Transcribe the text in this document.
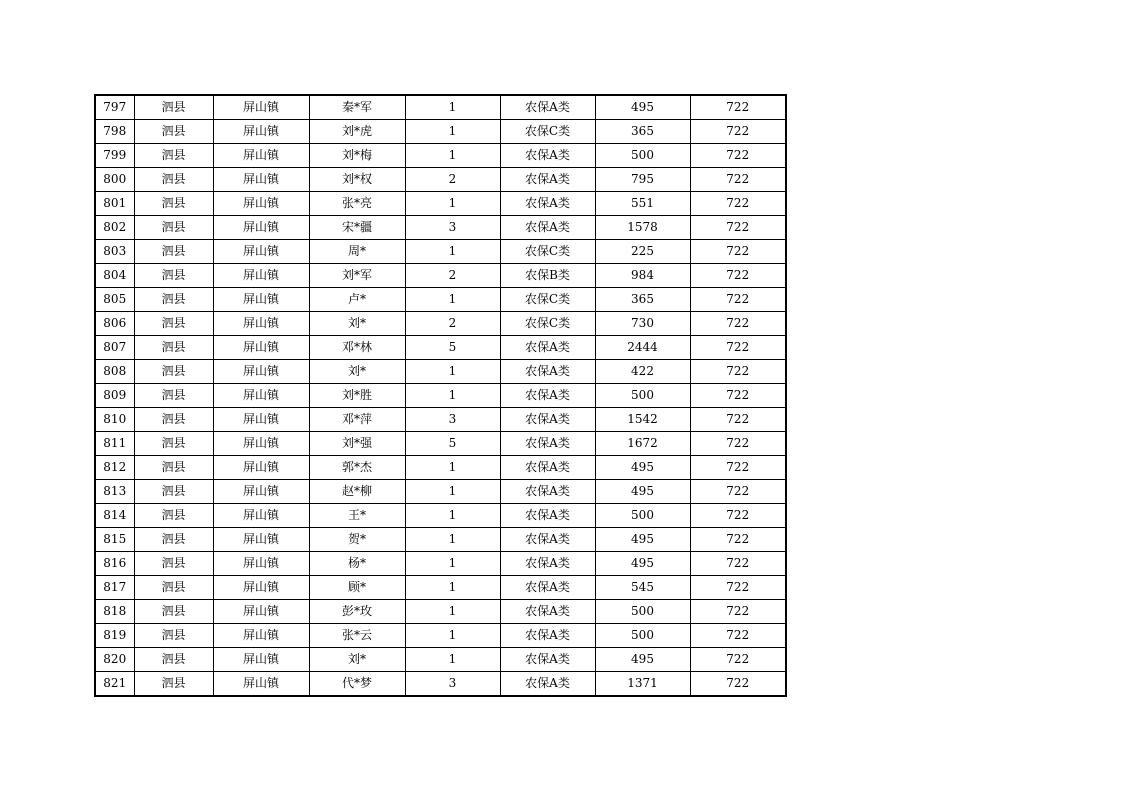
797	泗县	屏山镇	秦*军	1	农保A类	495	722
798	泗县	屏山镇	刘*虎	1	农保C类	365	722
799	泗县	屏山镇	刘*梅	1	农保A类	500	722
800	泗县	屏山镇	刘*权	2	农保A类	795	722
801	泗县	屏山镇	张*亮	1	农保A类	551	722
802	泗县	屏山镇	宋*疆	3	农保A类	1578	722
803	泗县	屏山镇	周*	1	农保C类	225	722
804	泗县	屏山镇	刘*军	2	农保B类	984	722
805	泗县	屏山镇	卢*	1	农保C类	365	722
806	泗县	屏山镇	刘*	2	农保C类	730	722
807	泗县	屏山镇	邓*林	5	农保A类	2444	722
808	泗县	屏山镇	刘*	1	农保A类	422	722
809	泗县	屏山镇	刘*胜	1	农保A类	500	722
810	泗县	屏山镇	邓*萍	3	农保A类	1542	722
811	泗县	屏山镇	刘*强	5	农保A类	1672	722
812	泗县	屏山镇	郭*杰	1	农保A类	495	722
813	泗县	屏山镇	赵*柳	1	农保A类	495	722
814	泗县	屏山镇	王*	1	农保A类	500	722
815	泗县	屏山镇	贺*	1	农保A类	495	722
816	泗县	屏山镇	杨*	1	农保A类	495	722
817	泗县	屏山镇	顾*	1	农保A类	545	722
818	泗县	屏山镇	彭*玫	1	农保A类	500	722
819	泗县	屏山镇	张*云	1	农保A类	500	722
820	泗县	屏山镇	刘*	1	农保A类	495	722
821	泗县	屏山镇	代*梦	3	农保A类	1371	722
